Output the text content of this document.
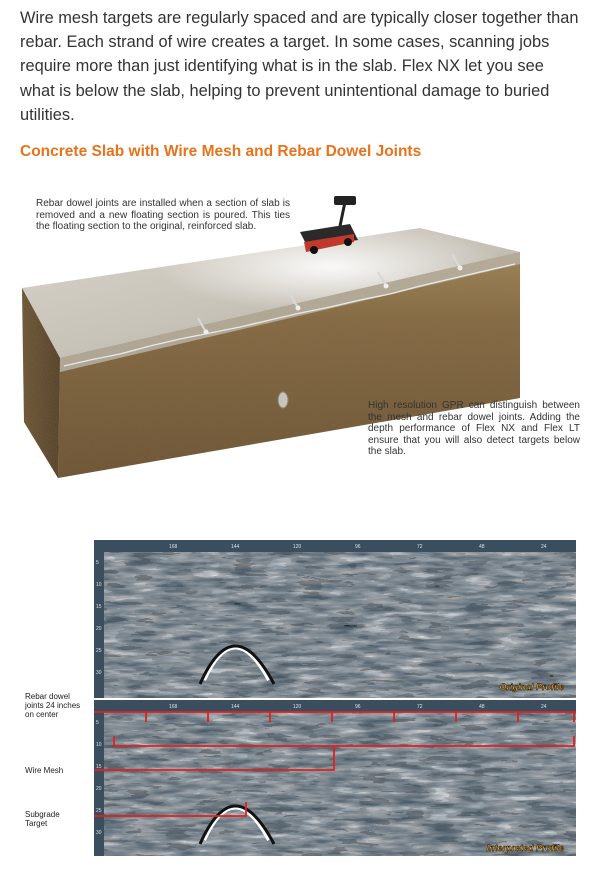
Wire mesh targets are regularly spaced and are typically closer together than rebar. Each strand of wire creates a target. In some cases, scanning jobs require more than just identifying what is in the slab. Flex NX let you see what is below the slab, helping to prevent unintentional damage to buried utilities.

Concrete Slab with Wire Mesh and Rebar Dowel Joints
Rebar dowel joints are installed when a section of slab is removed and a new floating section is poured. This ties the floating section to the original, reinforced slab.
High resolution GPR can distinguish between the mesh and rebar dowel joints. Adding the depth performance of Flex NX and Flex LT ensure that you will also detect targets below the slab.
168	144	120	96	72	48	24
168	144	120	96	72	48	24
5
10
15
20
25
30
5
10
15
20
25
30
Original Profile
Interpreted Profile
Rebar dowel joints 24 inches on center
Wire Mesh
Subgrade Target
